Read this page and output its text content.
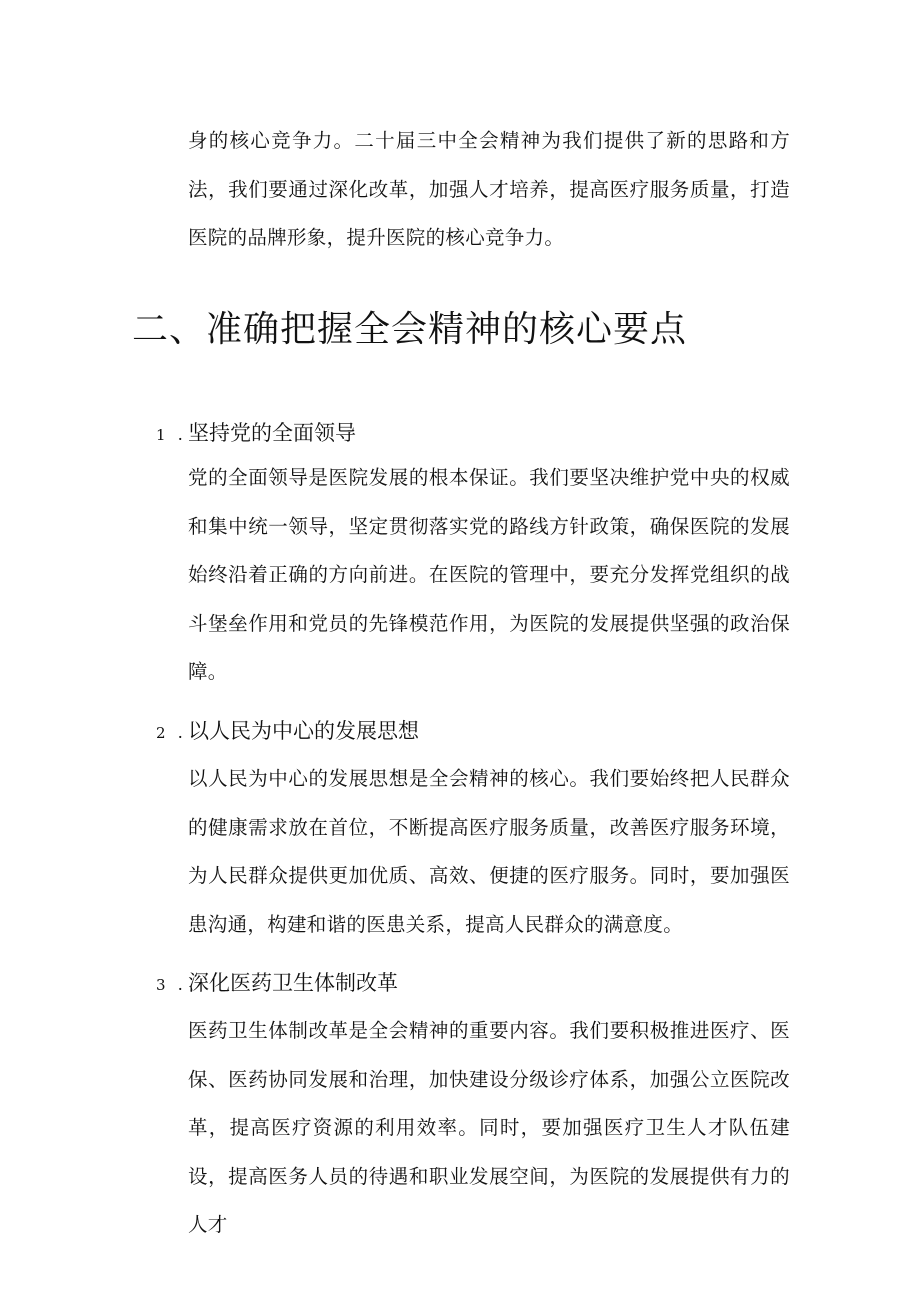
身的核心竞争力。二十届三中全会精神为我们提供了新的思路和方法，我们要通过深化改革，加强人才培养，提高医疗服务质量，打造医院的品牌形象，提升医院的核心竞争力。

二、准确把握全会精神的核心要点
1 . 坚持党的全面领导

党的全面领导是医院发展的根本保证。我们要坚决维护党中央的权威和集中统一领导，坚定贯彻落实党的路线方针政策，确保医院的发展始终沿着正确的方向前进。在医院的管理中，要充分发挥党组织的战斗堡垒作用和党员的先锋模范作用，为医院的发展提供坚强的政治保障。

2 . 以人民为中心的发展思想

以人民为中心的发展思想是全会精神的核心。我们要始终把人民群众的健康需求放在首位，不断提高医疗服务质量，改善医疗服务环境，为人民群众提供更加优质、高效、便捷的医疗服务。同时，要加强医患沟通，构建和谐的医患关系，提高人民群众的满意度。

3 . 深化医药卫生体制改革

医药卫生体制改革是全会精神的重要内容。我们要积极推进医疗、医保、医药协同发展和治理，加快建设分级诊疗体系，加强公立医院改革，提高医疗资源的利用效率。同时，要加强医疗卫生人才队伍建设，提高医务人员的待遇和职业发展空间，为医院的发展提供有力的人才
